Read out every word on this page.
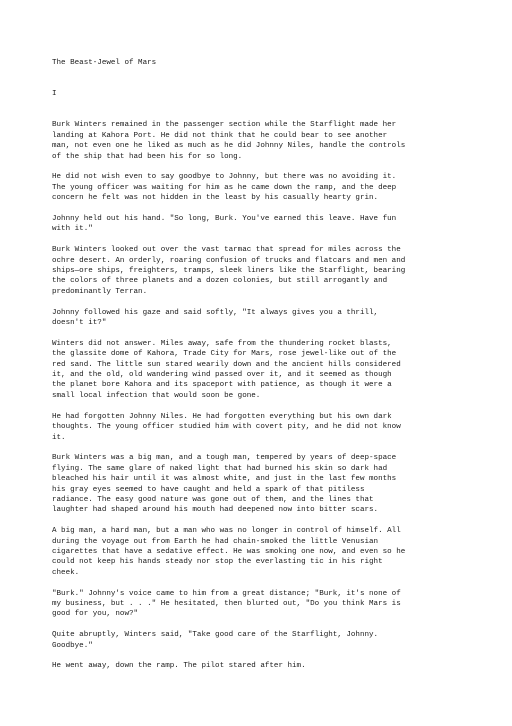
The Beast-Jewel of Mars

I

Burk Winters remained in the passenger section while the Starflight made her
landing at Kahora Port. He did not think that he could bear to see another
man, not even one he liked as much as he did Johnny Niles, handle the controls
of the ship that had been his for so long.

He did not wish even to say goodbye to Johnny, but there was no avoiding it.
The young officer was waiting for him as he came down the ramp, and the deep
concern he felt was not hidden in the least by his casually hearty grin.

Johnny held out his hand. "So long, Burk. You've earned this leave. Have fun
with it."

Burk Winters looked out over the vast tarmac that spread for miles across the
ochre desert. An orderly, roaring confusion of trucks and flatcars and men and
ships—ore ships, freighters, tramps, sleek liners like the Starflight, bearing
the colors of three planets and a dozen colonies, but still arrogantly and
predominantly Terran.

Johnny followed his gaze and said softly, "It always gives you a thrill,
doesn't it?"

Winters did not answer. Miles away, safe from the thundering rocket blasts,
the glassite dome of Kahora, Trade City for Mars, rose jewel-like out of the
red sand. The little sun stared wearily down and the ancient hills considered
it, and the old, old wandering wind passed over it, and it seemed as though
the planet bore Kahora and its spaceport with patience, as though it were a
small local infection that would soon be gone.

He had forgotten Johnny Niles. He had forgotten everything but his own dark
thoughts. The young officer studied him with covert pity, and he did not know
it.

Burk Winters was a big man, and a tough man, tempered by years of deep-space
flying. The same glare of naked light that had burned his skin so dark had
bleached his hair until it was almost white, and just in the last few months
his gray eyes seemed to have caught and held a spark of that pitiless
radiance. The easy good nature was gone out of them, and the lines that
laughter had shaped around his mouth had deepened now into bitter scars.

A big man, a hard man, but a man who was no longer in control of himself. All
during the voyage out from Earth he had chain-smoked the little Venusian
cigarettes that have a sedative effect. He was smoking one now, and even so he
could not keep his hands steady nor stop the everlasting tic in his right
cheek.

"Burk." Johnny's voice came to him from a great distance; "Burk, it's none of
my business, but . . ." He hesitated, then blurted out, "Do you think Mars is
good for you, now?"

Quite abruptly, Winters said, "Take good care of the Starflight, Johnny.
Goodbye."

He went away, down the ramp. The pilot stared after him.
